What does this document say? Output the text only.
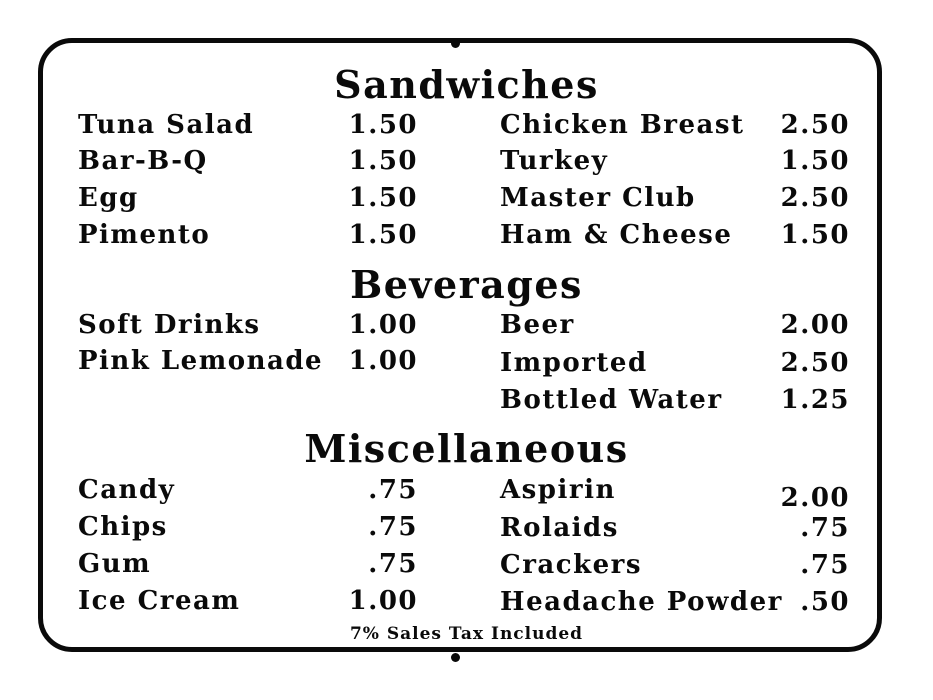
Sandwiches
Tuna Salad	1.50
Bar-B-Q	1.50
Egg	1.50
Pimento	1.50
Chicken Breast 2.50
Turkey	1.50
Master Club	2.50
Ham & Cheese 1.50
Beverages
Soft Drinks	1.00
Pink Lemonade 1.00
Beer	2.00
Imported	2.50
Bottled Water 1.25
Miscellaneous
Candy	.75
Chips	.75
Gum	.75
Ice Cream	1.00
Aspirin	2.00
Rolaids	.75
Crackers	.75
Headache Powder .50
7% Sales Tax Included
